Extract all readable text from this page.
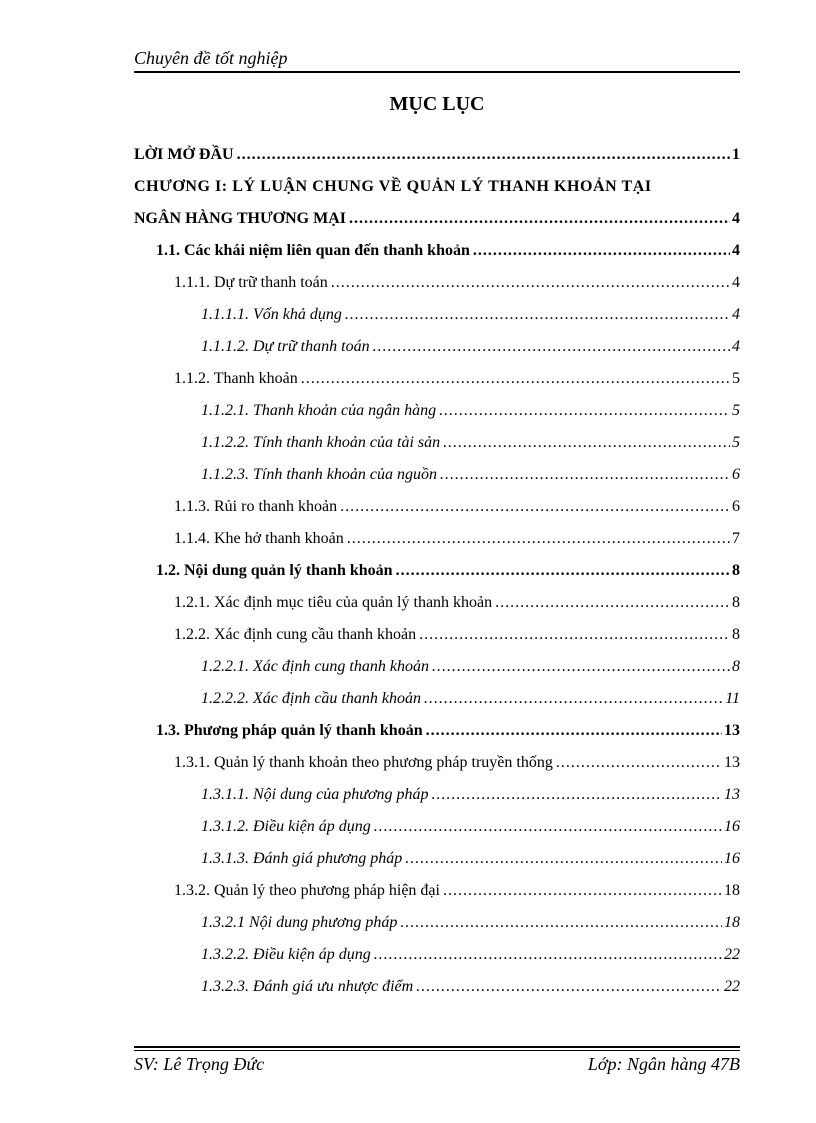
Chuyên đề tốt nghiệp
MỤC LỤC
LỜI MỞ ĐẦU .....	1
CHƯƠNG I: LÝ LUẬN CHUNG VỀ QUẢN LÝ THANH KHOẢN TẠI
NGÂN HÀNG THƯƠNG MẠI .....	4
1.1. Các khái niệm liên quan đến thanh khoản .....	4
1.1.1. Dự trữ thanh toán .....	4
1.1.1.1. Vốn khả dụng .....	4
1.1.1.2. Dự trữ thanh toán .....	4
1.1.2. Thanh khoản .....	5
1.1.2.1. Thanh khoản của ngân hàng .....	5
1.1.2.2. Tính thanh khoản của tài sản .....	5
1.1.2.3. Tính thanh khoản của nguồn .....	6
1.1.3. Rủi ro thanh khoản .....	6
1.1.4. Khe hở thanh khoản .....	7
1.2. Nội dung quản lý thanh khoản .....	8
1.2.1. Xác định mục tiêu của quản lý thanh khoản .....	8
1.2.2. Xác định cung cầu thanh khoản .....	8
1.2.2.1. Xác định cung thanh khoản .....	8
1.2.2.2. Xác định cầu thanh khoản .....	11
1.3. Phương pháp quản lý thanh khoản .....	13
1.3.1. Quản lý thanh khoản theo phương pháp truyền thống .....	13
1.3.1.1. Nội dung của phương pháp .....	13
1.3.1.2. Điều kiện áp dụng .....	16
1.3.1.3. Đánh giá phương pháp .....	16
1.3.2. Quản lý theo phương pháp hiện đại .....	18
1.3.2.1 Nội dung phương pháp .....	18
1.3.2.2. Điều kiện áp dụng .....	22
1.3.2.3. Đánh giá ưu nhược điểm .....	22
SV: Lê Trọng Đức	Lớp: Ngân hàng 47B
